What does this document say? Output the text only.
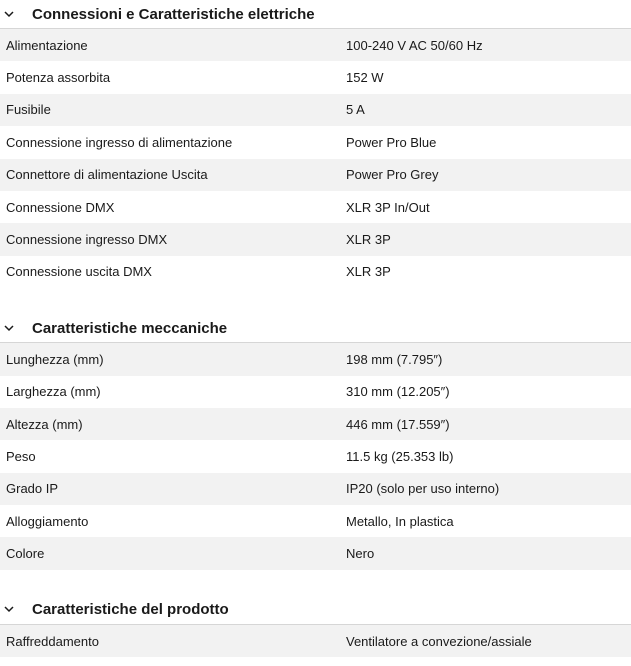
Connessioni e Caratteristiche elettriche
Alimentazione	100-240 V AC 50/60 Hz
Potenza assorbita	152 W
Fusibile	5 A
Connessione ingresso di alimentazione	Power Pro Blue
Connettore di alimentazione Uscita	Power Pro Grey
Connessione DMX	XLR 3P In/Out
Connessione ingresso DMX	XLR 3P
Connessione uscita DMX	XLR 3P
Caratteristiche meccaniche
Lunghezza (mm)	198 mm (7.795″)
Larghezza (mm)	310 mm (12.205″)
Altezza (mm)	446 mm (17.559″)
Peso	11.5 kg (25.353 lb)
Grado IP	IP20 (solo per uso interno)
Alloggiamento	Metallo, In plastica
Colore	Nero
Caratteristiche del prodotto
Raffreddamento	Ventilatore a convezione/assiale
